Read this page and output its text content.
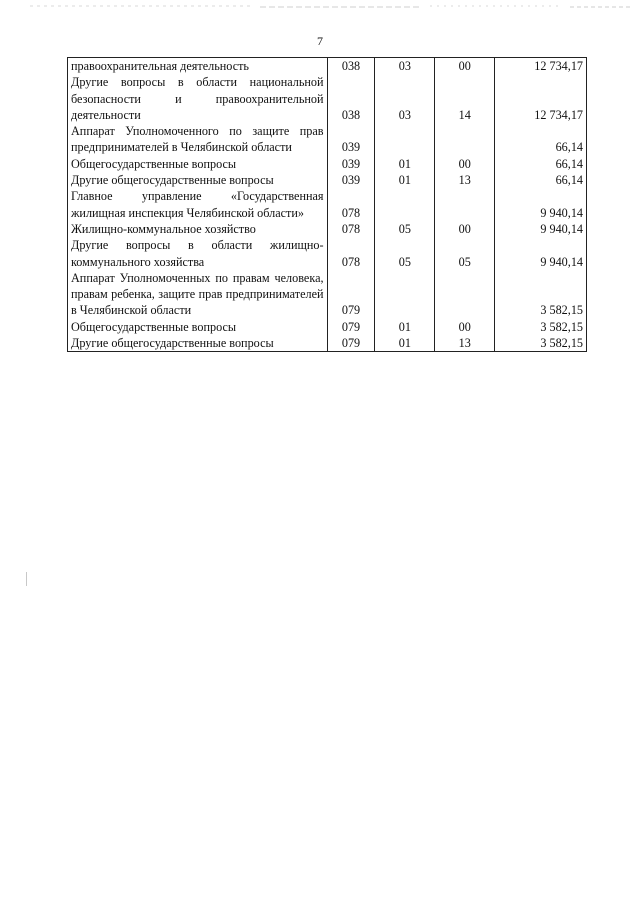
7
правоохранительная деятельность	038	03	00	12 734,17
Другие вопросы в области национальной безопасности и правоохранительной деятельности	038	03	14	12 734,17
Аппарат Уполномоченного по защите прав предпринимателей в Челябинской области	039			66,14
Общегосударственные вопросы	039	01	00	66,14
Другие общегосударственные вопросы	039	01	13	66,14
Главное управление «Государственная жилищная инспекция Челябинской области»	078			9 940,14
Жилищно-коммунальное хозяйство	078	05	00	9 940,14
Другие вопросы в области жилищно-коммунального хозяйства	078	05	05	9 940,14
Аппарат Уполномоченных по правам человека, правам ребенка, защите прав предпринимателей в Челябинской области	079			3 582,15
Общегосударственные вопросы	079	01	00	3 582,15
Другие общегосударственные вопросы	079	01	13	3 582,15
